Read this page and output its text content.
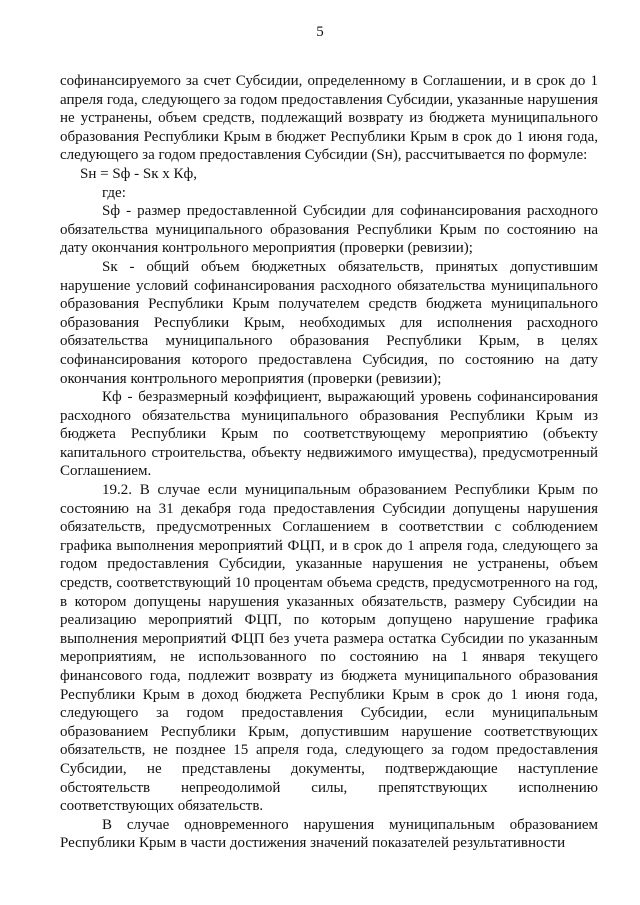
5

софинансируемого за счет Субсидии, определенному в Соглашении, и в срок до 1 апреля года, следующего за годом предоставления Субсидии, указанные нарушения не устранены, объем средств, подлежащий возврату из бюджета муниципального образования Республики Крым в бюджет Республики Крым в срок до 1 июня года, следующего за годом предоставления Субсидии (Sн), рассчитывается по формуле:

Sн = Sф - Sк х Кф,

где:

Sф - размер предоставленной Субсидии для софинансирования расходного обязательства муниципального образования Республики Крым по состоянию на дату окончания контрольного мероприятия (проверки (ревизии);

Sк - общий объем бюджетных обязательств, принятых допустившим нарушение условий софинансирования расходного обязательства муниципального образования Республики Крым получателем средств бюджета муниципального образования Республики Крым, необходимых для исполнения расходного обязательства муниципального образования Республики Крым, в целях софинансирования которого предоставлена Субсидия, по состоянию на дату окончания контрольного мероприятия (проверки (ревизии);

Кф - безразмерный коэффициент, выражающий уровень софинансирования расходного обязательства муниципального образования Республики Крым из бюджета Республики Крым по соответствующему мероприятию (объекту капитального строительства, объекту недвижимого имущества), предусмотренный Соглашением.

19.2. В случае если муниципальным образованием Республики Крым по состоянию на 31 декабря года предоставления Субсидии допущены нарушения обязательств, предусмотренных Соглашением в соответствии с соблюдением графика выполнения мероприятий ФЦП, и в срок до 1 апреля года, следующего за годом предоставления Субсидии, указанные нарушения не устранены, объем средств, соответствующий 10 процентам объема средств, предусмотренного на год, в котором допущены нарушения указанных обязательств, размеру Субсидии на реализацию мероприятий ФЦП, по которым допущено нарушение графика выполнения мероприятий ФЦП без учета размера остатка Субсидии по указанным мероприятиям, не использованного по состоянию на 1 января текущего финансового года, подлежит возврату из бюджета муниципального образования Республики Крым в доход бюджета Республики Крым в срок до 1 июня года, следующего за годом предоставления Субсидии, если муниципальным образованием Республики Крым, допустившим нарушение соответствующих обязательств, не позднее 15 апреля года, следующего за годом предоставления Субсидии, не представлены документы, подтверждающие наступление обстоятельств непреодолимой силы, препятствующих исполнению соответствующих обязательств.

В случае одновременного нарушения муниципальным образованием Республики Крым в части достижения значений показателей результативности
